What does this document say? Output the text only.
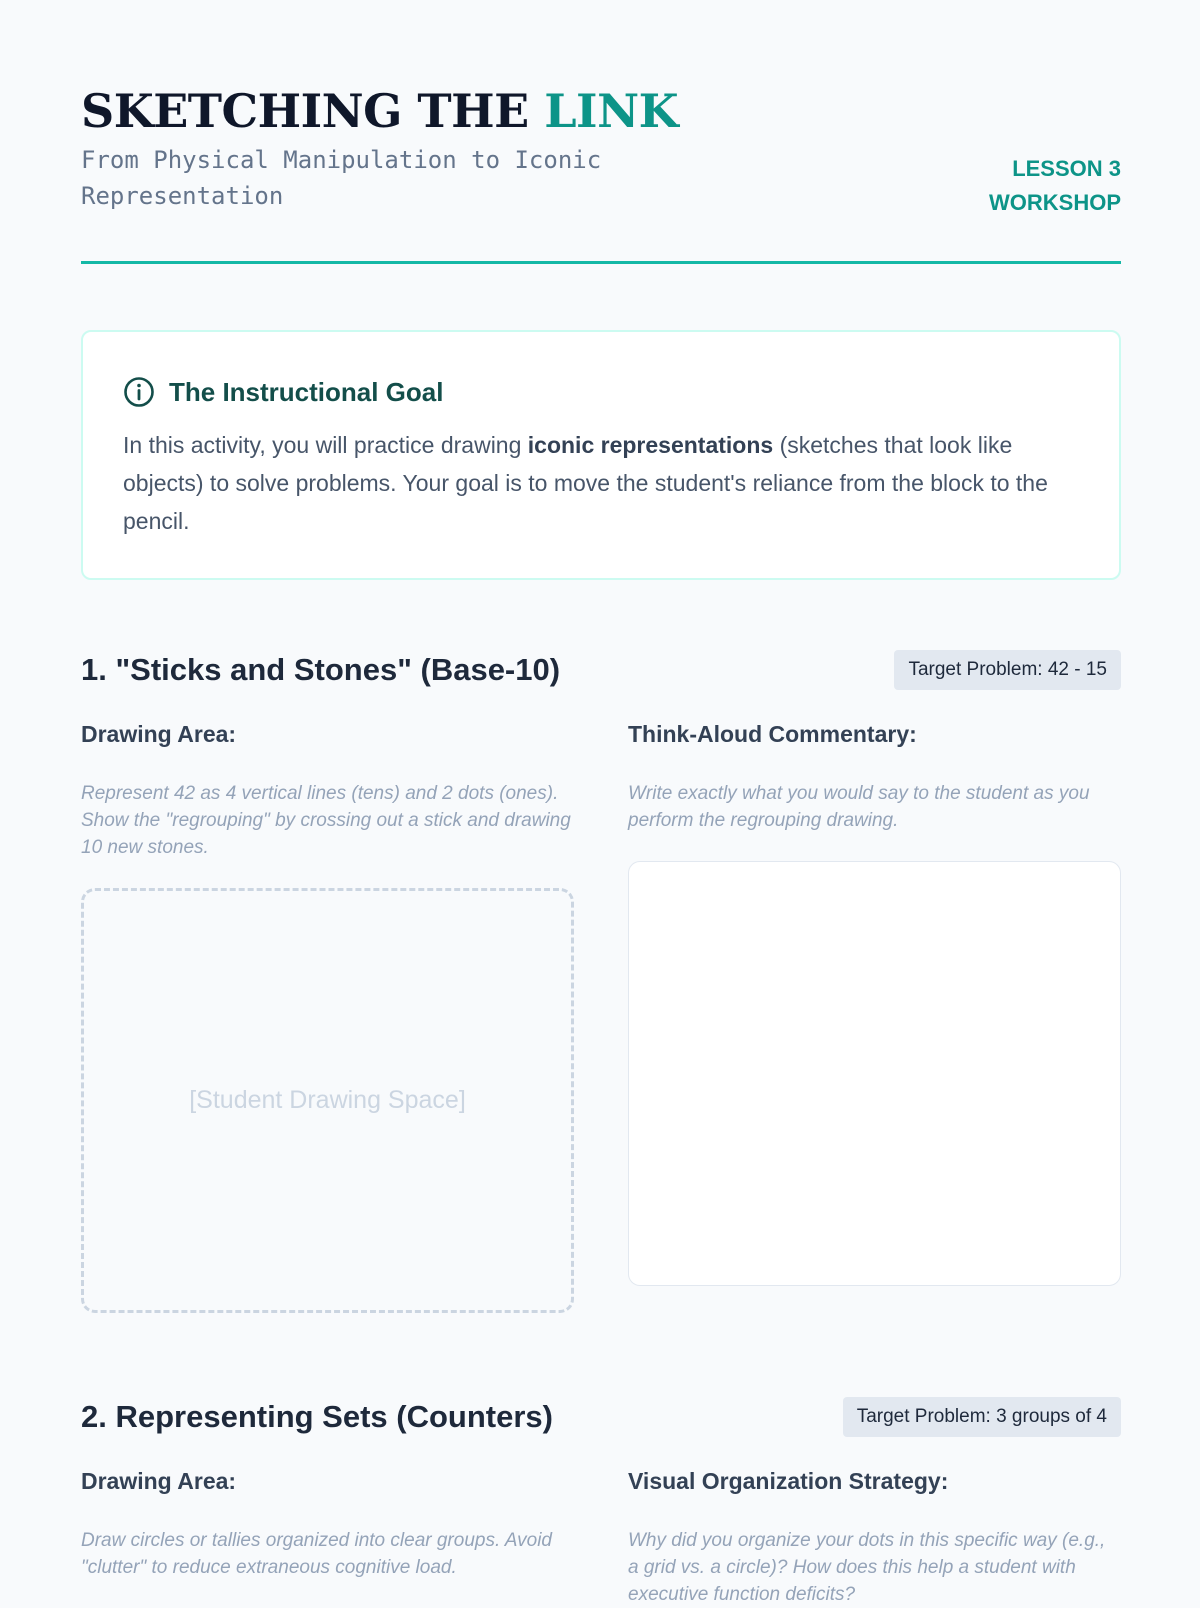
SKETCHING THE LINK
From Physical Manipulation to Iconic Representation
LESSON 3
WORKSHOP
The Instructional Goal
In this activity, you will practice drawing iconic representations (sketches that look like objects) to solve problems. Your goal is to move the student's reliance from the block to the pencil.
1. "Sticks and Stones" (Base-10)	Target Problem: 42 - 15
Drawing Area:
Represent 42 as 4 vertical lines (tens) and 2 dots (ones). Show the "regrouping" by crossing out a stick and drawing 10 new stones.
[Student Drawing Space]
Think-Aloud Commentary:
Write exactly what you would say to the student as you perform the regrouping drawing.
2. Representing Sets (Counters)	Target Problem: 3 groups of 4
Drawing Area:
Draw circles or tallies organized into clear groups. Avoid "clutter" to reduce extraneous cognitive load.
Visual Organization Strategy:
Why did you organize your dots in this specific way (e.g., a grid vs. a circle)? How does this help a student with executive function deficits?
